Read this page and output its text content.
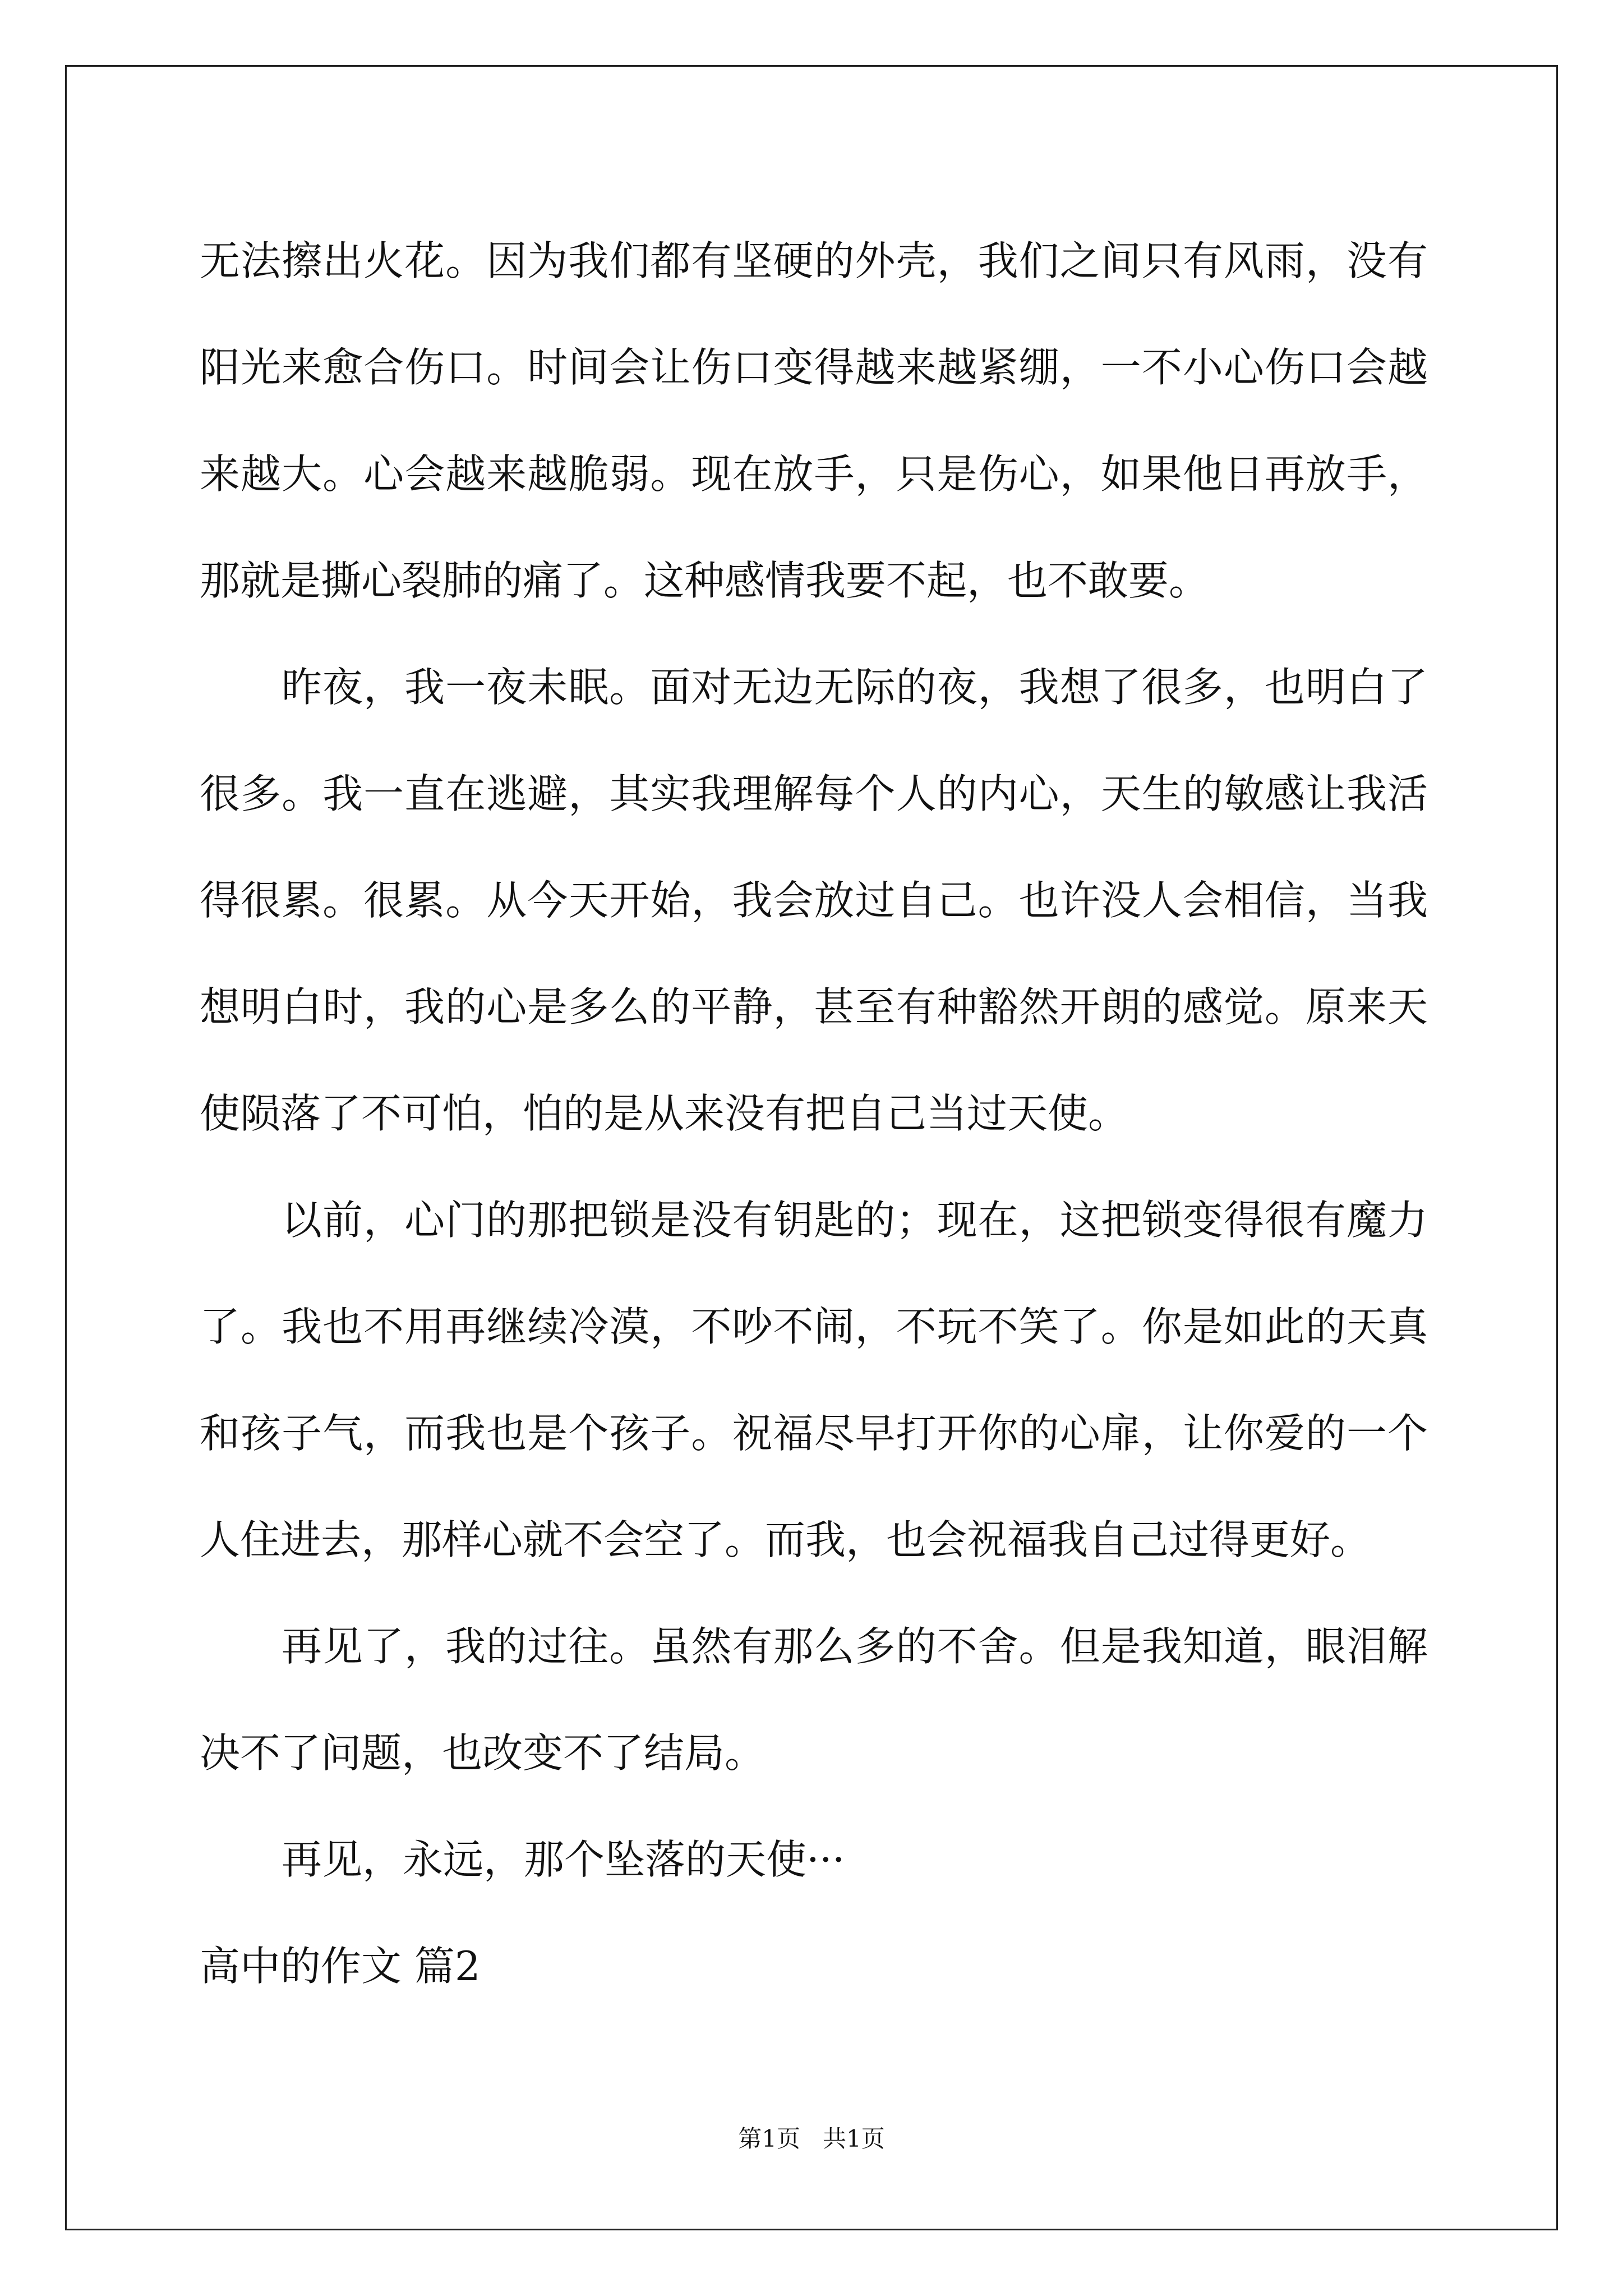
无法擦出火花。因为我们都有坚硬的外壳，我们之间只有风雨，没有
阳光来愈合伤口。时间会让伤口变得越来越紧绷，一不小心伤口会越
来越大。心会越来越脆弱。现在放手，只是伤心，如果他日再放手，
那就是撕心裂肺的痛了。这种感情我要不起，也不敢要。
昨夜，我一夜未眠。面对无边无际的夜，我想了很多，也明白了
很多。我一直在逃避，其实我理解每个人的内心，天生的敏感让我活
得很累。很累。从今天开始，我会放过自己。也许没人会相信，当我
想明白时，我的心是多么的平静，甚至有种豁然开朗的感觉。原来天
使陨落了不可怕，怕的是从来没有把自己当过天使。
以前，心门的那把锁是没有钥匙的；现在，这把锁变得很有魔力
了。我也不用再继续冷漠，不吵不闹，不玩不笑了。你是如此的天真
和孩子气，而我也是个孩子。祝福尽早打开你的心扉，让你爱的一个
人住进去，那样心就不会空了。而我，也会祝福我自己过得更好。
再见了，我的过往。虽然有那么多的不舍。但是我知道，眼泪解
决不了问题，也改变不了结局。
再见，永远，那个坠落的天使···
高中的作文 篇2
第1页 共1页
